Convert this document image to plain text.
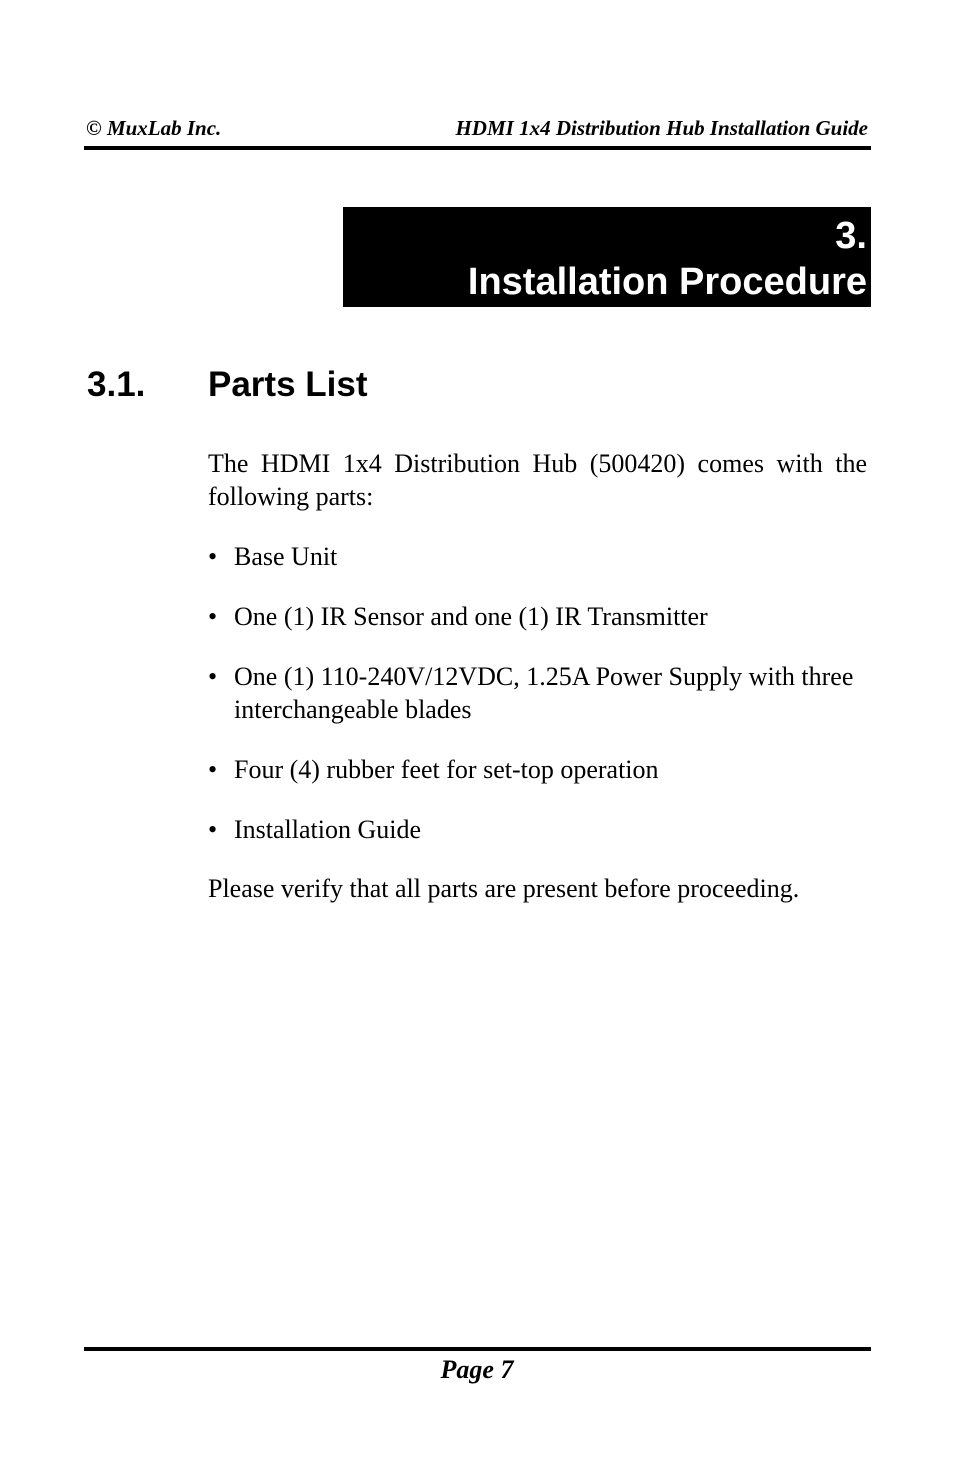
© MuxLab Inc.	HDMI 1x4 Distribution Hub Installation Guide
3.
Installation Procedure
3.1. Parts List

The HDMI 1x4 Distribution Hub (500420) comes with the following parts:

• Base Unit
• One (1) IR Sensor and one (1) IR Transmitter
• One (1) 110-240V/12VDC, 1.25A Power Supply with three interchangeable blades
• Four (4) rubber feet for set-top operation
• Installation Guide

Please verify that all parts are present before proceeding.

Page 7
